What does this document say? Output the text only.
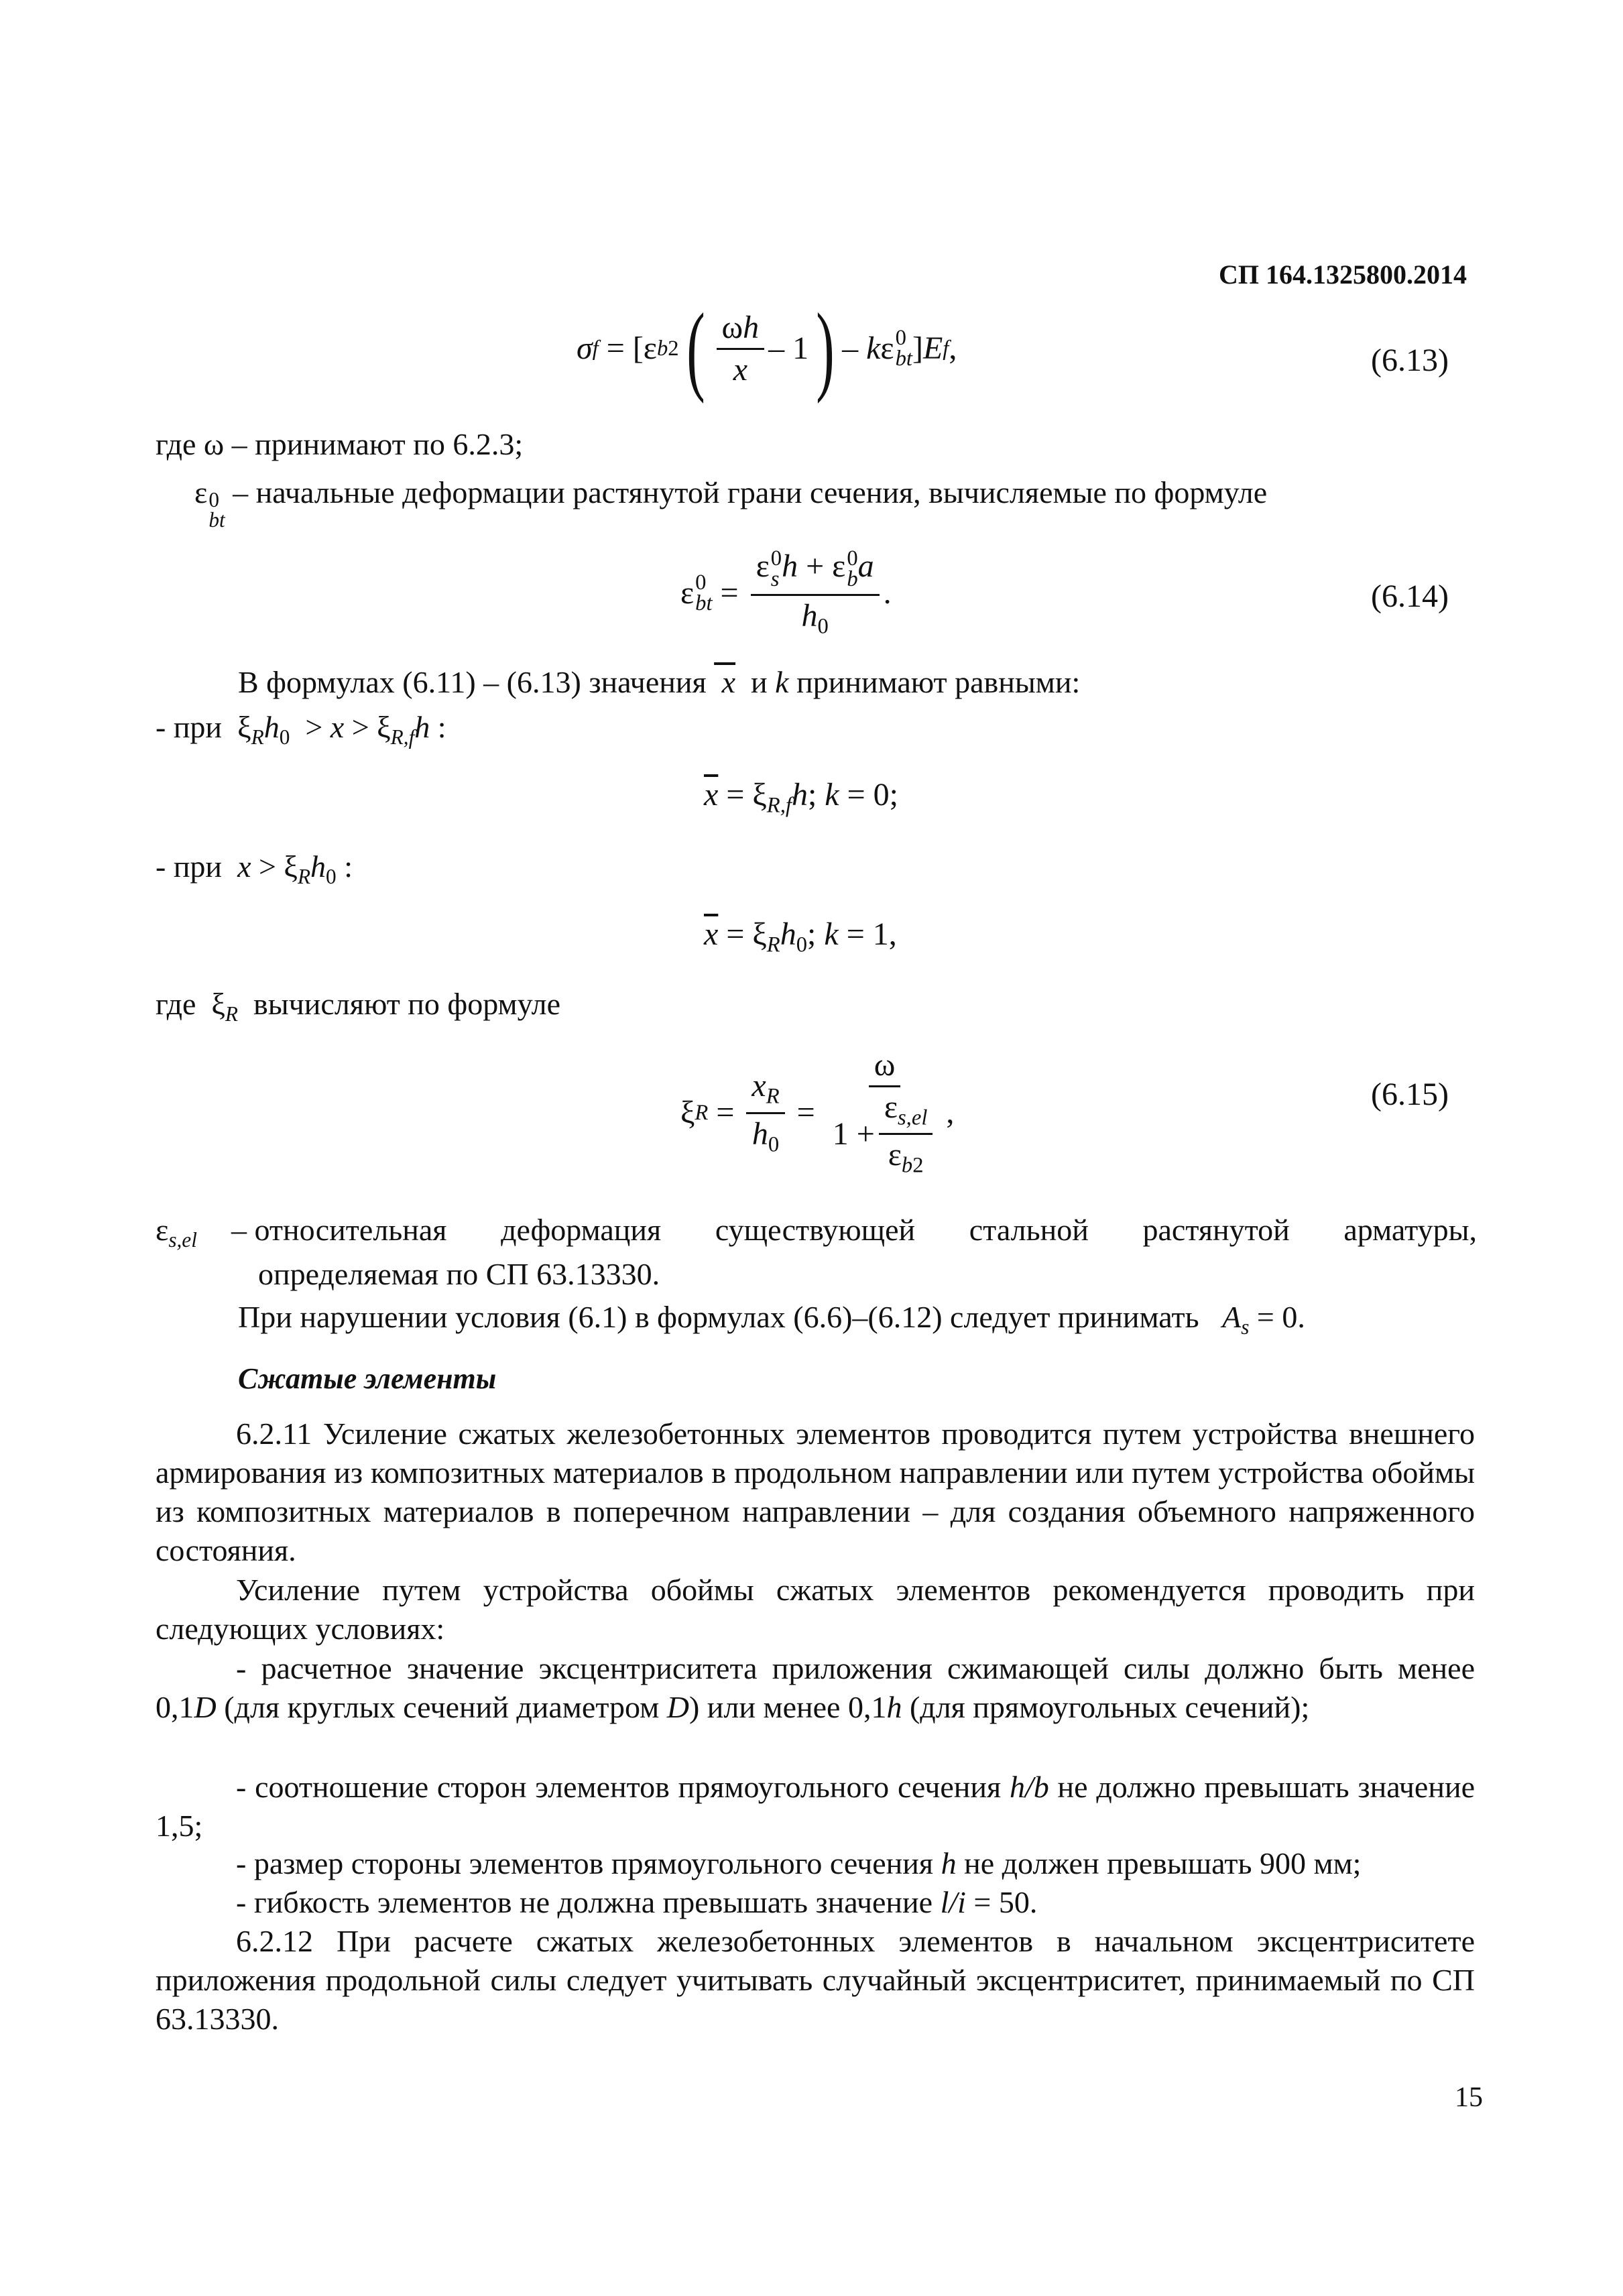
СП 164.1325800.2014
σ f = [ε b 2 ( $\frac{\omega h}{x} - 1$ ) – kε 0
bt ]E f ,	(6.13)
где ω – принимают по 6.2.3;
ε 0
bt
– начальные деформации растянутой грани сечения, вычисляемые по формуле
ε 0
bt = ε 0
s h + ε 0
b a
$h_0$ .	(6.14)
В формулах (6.11) – (6.13) значения  x  и k принимают равными:
- при  $\xi_Rh_0 > x > \xi_{R,f}h$ :
$\overline{x} = \xi_{R,f}h$; k = 0;
- при $x > \xi_Rh_0$ :
$\overline{x} = \xi_Rh_0$; k = 1,
где  $\xi_R$ вычисляют по формуле
ξ $R = \frac{x_R}{h_0} = \frac{\omega}{1 + \frac{\varepsilon_{s,el}}{\varepsilon_{b2}}}$ ,
(6.15)
$\varepsilon_{s,el}$ – относительная деформация существующей стальной растянутой арматуры,
определяемая по СП 63.13330.
При нарушении условия (6.1) в формулах (6.6)–(6.12) следует принимать $A_s = 0$.
Сжатые элементы
6.2.11 Усиление сжатых железобетонных элементов проводится путем устройства внешнего армирования из композитных материалов в продольном направлении или путем устройства обоймы из композитных материалов в поперечном направлении – для создания объемного напряженного состояния.
Усиление путем устройства обоймы сжатых элементов рекомендуется проводить при следующих условиях:
- расчетное значение эксцентриситета приложения сжимающей силы должно быть менее 0,1D (для круглых сечений диаметром D) или менее 0,1h (для прямоугольных сечений);
- соотношение сторон элементов прямоугольного сечения h/b не должно превышать значение 1,5;
- размер стороны элементов прямоугольного сечения h не должен превышать 900 мм;
- гибкость элементов не должна превышать значение l/i = 50.
6.2.12 При расчете сжатых железобетонных элементов в начальном эксцентриситете приложения продольной силы следует учитывать случайный эксцентриситет, принимаемый по СП 63.13330.
15
